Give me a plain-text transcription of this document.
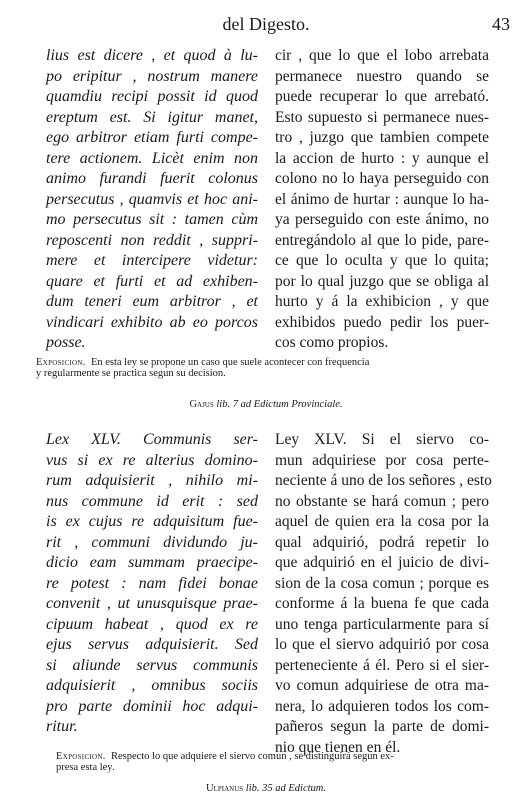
del Digesto.	43
lius est dicere , et quod à lu-
po eripitur , nostrum manere
quamdiu recipi possit id quod
ereptum est. Si igitur manet,
ego arbitror etiam furti compe-
tere actionem. Licèt enim non
animo furandi fuerit colonus
persecutus , quamvis et hoc ani-
mo persecutus sit : tamen cùm
reposcenti non reddit , suppri-
mere et intercipere videtur:
quare et furti et ad exhiben-
dum teneri eum arbitror , et
vindicari exhibito ab eo porcos
posse.
cir , que lo que el lobo arrebata
permanece nuestro quando se
puede recuperar lo que arrebató.
Esto supuesto si permanece nues-
tro , juzgo que tambien compete
la accion de hurto : y aunque el
colono no lo haya perseguido con
el ánimo de hurtar : aunque lo ha-
ya perseguido con este ánimo, no
entregándolo al que lo pide, pare-
ce que lo oculta y que lo quita;
por lo qual juzgo que se obliga al
hurto y á la exhibicion , y que
exhibidos puedo pedir los puer-
cos como propios.
Exposicion. En esta ley se propone un caso que suele acontecer con frequencia
y regularmente se practica segun su decision.
Gajus lib. 7 ad Edictum Provinciale.
Lex XLV. Communis ser-
vus si ex re alterius domino-
rum adquisierit , nihilo mi-
nus commune id erit : sed
is ex cujus re adquisitum fue-
rit , communi dividundo ju-
dicio eam summam praecipe-
re potest : nam fidei bonae
convenit , ut unusquisque prae-
cipuum habeat , quod ex re
ejus servus adquisierit. Sed
si aliunde servus communis
adquisierit , omnibus sociis
pro parte dominii hoc adqui-
ritur.
Ley XLV. Si el siervo co-
mun adquiriese por cosa perte-
neciente á uno de los señores , esto
no obstante se hará comun ; pero
aquel de quien era la cosa por la
qual adquirió, podrá repetir lo
que adquirió en el juicio de divi-
sion de la cosa comun ; porque es
conforme á la buena fe que cada
uno tenga particularmente para sí
lo que el siervo adquirió por cosa
perteneciente á él. Pero si el sier-
vo comun adquiriese de otra ma-
nera, lo adquieren todos los com-
pañeros segun la parte de domi-
nio que tienen en él.
Exposicion. Respecto lo que adquiere el siervo comun , se distinguirá segun ex-
presa esta ley.
Ulpianus lib. 35 ad Edictum.
